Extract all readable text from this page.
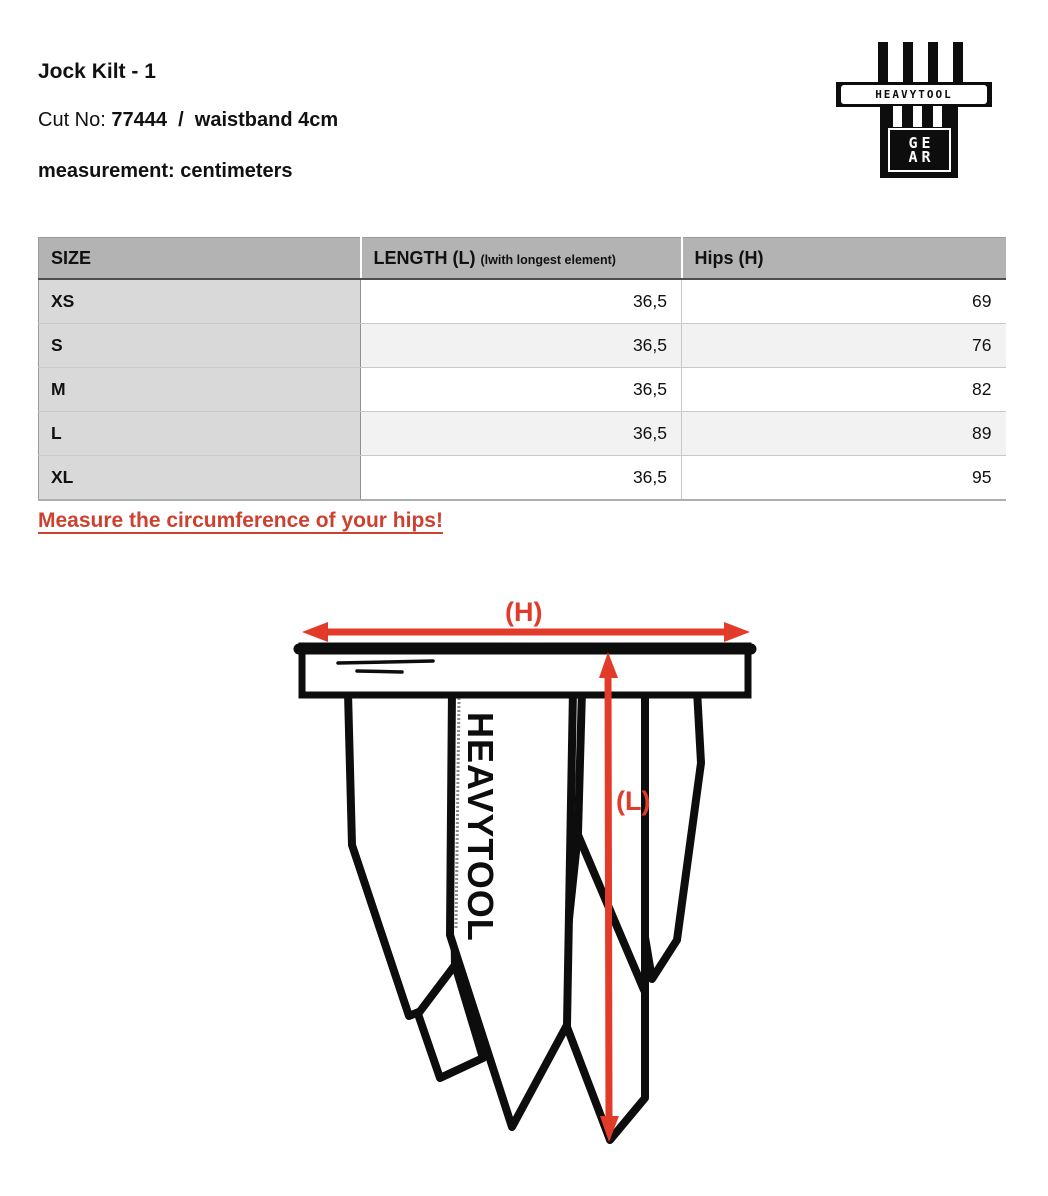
Jock Kilt - 1
Cut No: 77444  /  waistband 4cm
measurement: centimeters
HEAVYTOOL
GE
AR
SIZE	LENGTH (L) (lwith longest element)	Hips (H)
XS	36,5	69
S	36,5	76
M	36,5	82
L	36,5	89
XL	36,5	95
Measure the circumference of your hips!
HEAVYTOOL
(H)
(L)
